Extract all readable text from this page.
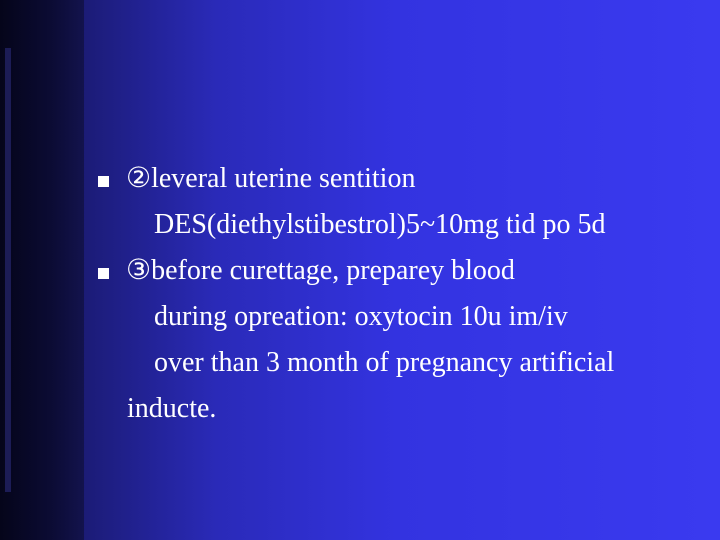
②leveral uterine sentition
DES(diethylstibestrol)5~10mg tid po 5d
③before curettage, preparey blood
during opreation: oxytocin 10u im/iv
over than 3 month of pregnancy artificial
inducte.
